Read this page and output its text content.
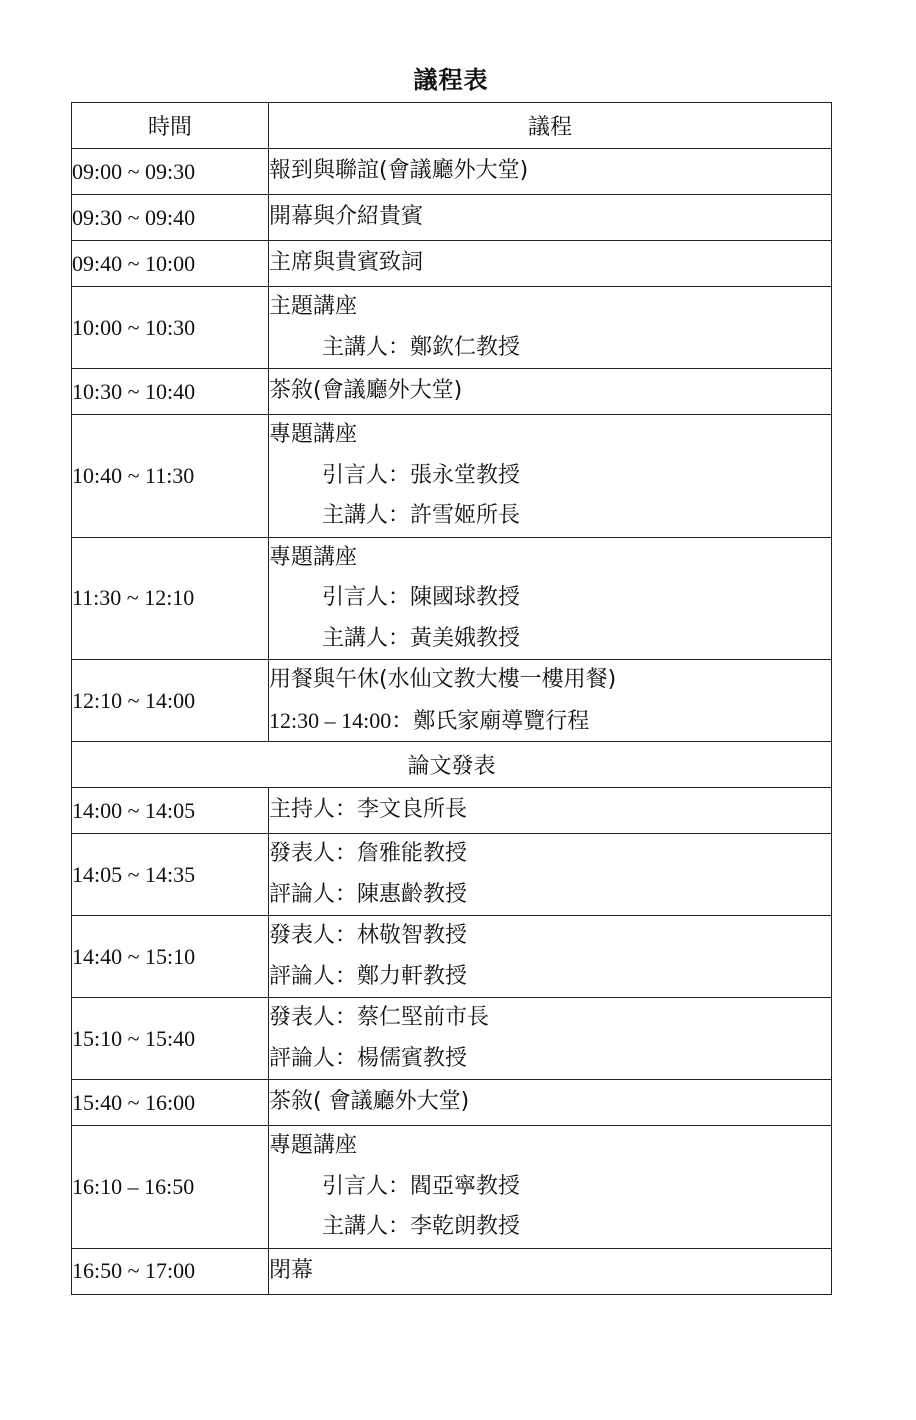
議程表
時間	議程
09:00 ~ 09:30	報到與聯誼(會議廳外大堂)

09:30 ~ 09:40	開幕與介紹貴賓

09:40 ~ 10:00	主席與貴賓致詞

10:00 ~ 10:30	主題講座
主講人：鄭欽仁教授

10:30 ~ 10:40	茶敘(會議廳外大堂)

10:40 ~ 11:30	專題講座
引言人：張永堂教授
主講人：許雪姬所長

11:30 ~ 12:10	專題講座
引言人：陳國球教授
主講人：黃美娥教授

12:10 ~ 14:00	用餐與午休(水仙文教大樓一樓用餐)
12:30 – 14:00：鄭氏家廟導覽行程

論文發表	
14:00 ~ 14:05	主持人：李文良所長

14:05 ~ 14:35	發表人：詹雅能教授
評論人：陳惠齡教授

14:40 ~ 15:10	發表人：林敬智教授
評論人：鄭力軒教授

15:10 ~ 15:40	發表人：蔡仁堅前市長
評論人：楊儒賓教授

15:40 ~ 16:00	茶敘( 會議廳外大堂)

16:10 – 16:50	專題講座
引言人：閻亞寧教授
主講人：李乾朗教授

16:50 ~ 17:00	閉幕
